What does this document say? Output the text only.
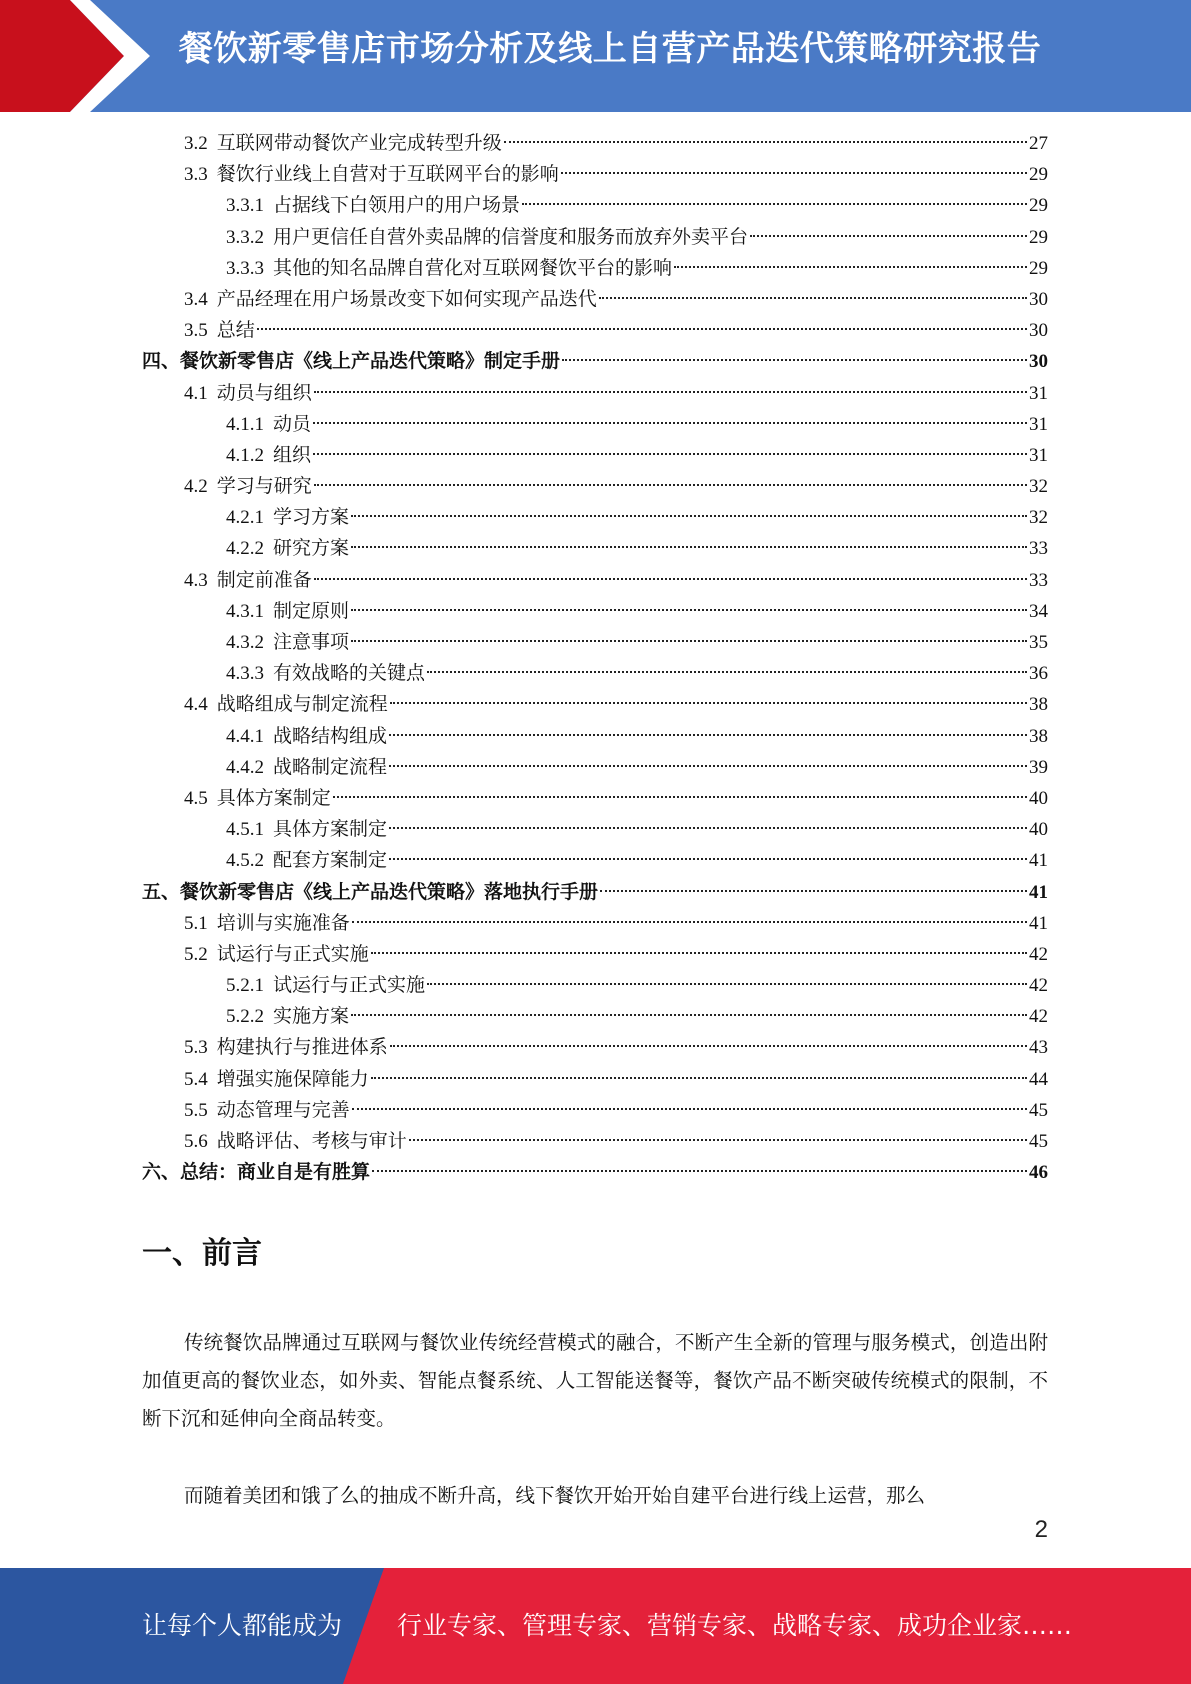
餐饮新零售店市场分析及线上自营产品迭代策略研究报告
3.2 互联网带动餐饮产业完成转型升级	27
3.3 餐饮行业线上自营对于互联网平台的影响	29
3.3.1 占据线下白领用户的用户场景	29
3.3.2 用户更信任自营外卖品牌的信誉度和服务而放弃外卖平台	29
3.3.3 其他的知名品牌自营化对互联网餐饮平台的影响	29
3.4 产品经理在用户场景改变下如何实现产品迭代	30
3.5 总结	30
四、餐饮新零售店《线上产品迭代策略》制定手册	30
4.1 动员与组织	31
4.1.1 动员	31
4.1.2 组织	31
4.2 学习与研究	32
4.2.1 学习方案	32
4.2.2 研究方案	33
4.3 制定前准备	33
4.3.1 制定原则	34
4.3.2 注意事项	35
4.3.3 有效战略的关键点	36
4.4 战略组成与制定流程	38
4.4.1 战略结构组成	38
4.4.2 战略制定流程	39
4.5 具体方案制定	40
4.5.1 具体方案制定	40
4.5.2 配套方案制定	41
五、餐饮新零售店《线上产品迭代策略》落地执行手册	41
5.1 培训与实施准备	41
5.2 试运行与正式实施	42
5.2.1 试运行与正式实施	42
5.2.2 实施方案	42
5.3 构建执行与推进体系	43
5.4 增强实施保障能力	44
5.5 动态管理与完善	45
5.6 战略评估、考核与审计	45
六、总结：商业自是有胜算	46
一、前言
传统餐饮品牌通过互联网与餐饮业传统经营模式的融合，不断产生全新的管理与服务模式，创造出附加值更高的餐饮业态，如外卖、智能点餐系统、人工智能送餐等，餐饮产品不断突破传统模式的限制，不断下沉和延伸向全商品转变。
而随着美团和饿了么的抽成不断升高，线下餐饮开始开始自建平台进行线上运营，那么
2
让每个人都能成为 行业专家、管理专家、营销专家、战略专家、成功企业家……
